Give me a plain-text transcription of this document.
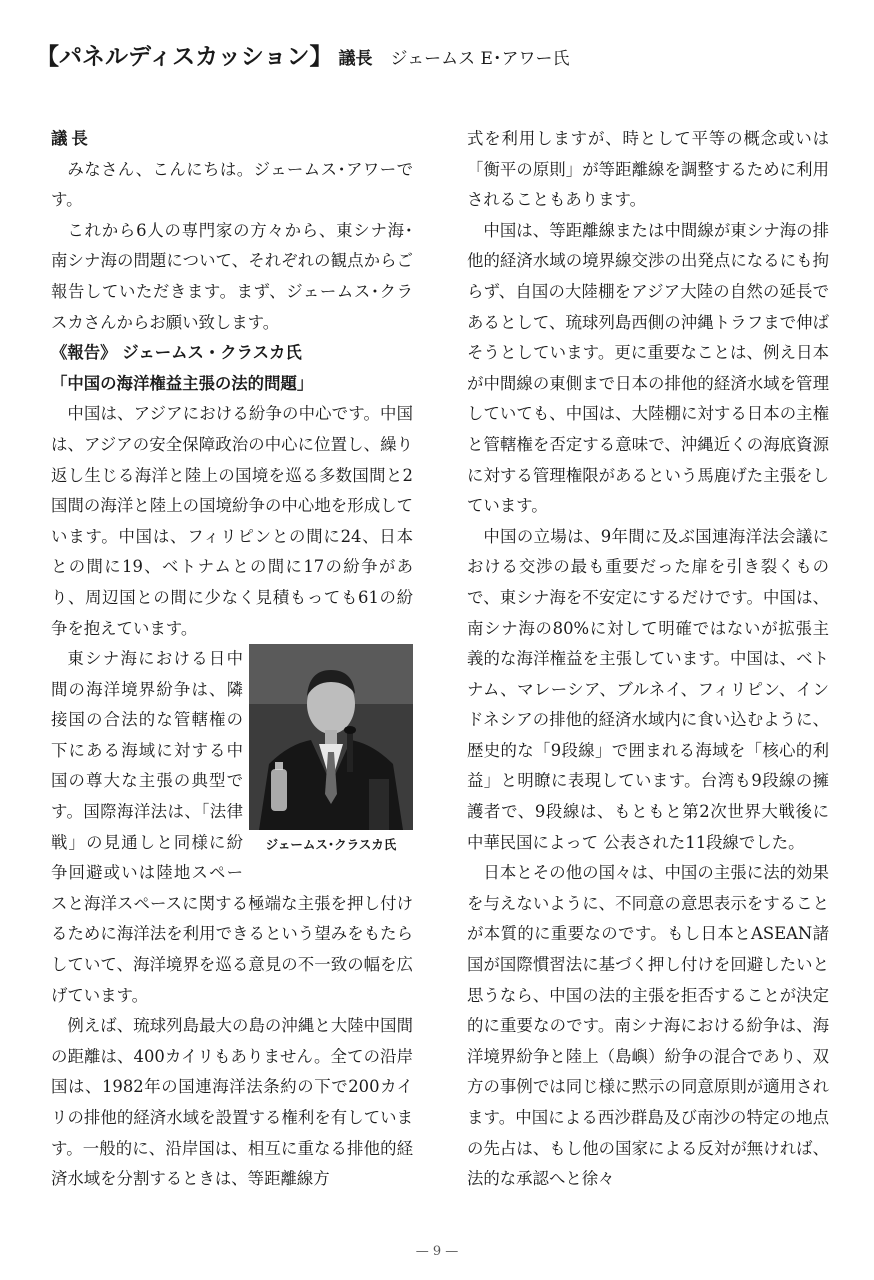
【パネルディスカッション】 議長 ジェームス E･アワー氏

議長

みなさん、こんにちは。ジェームス･アワーです。

これから6人の専門家の方々から、東シナ海･南シナ海の問題について、それぞれの観点からご報告していただきます。まず、ジェームス･クラスカさんからお願い致します。

《報告》 ジェームス・クラスカ氏

「中国の海洋権益主張の法的問題」

中国は、アジアにおける紛争の中心です。中国は、アジアの安全保障政治の中心に位置し、繰り返し生じる海洋と陸上の国境を巡る多数国間と2国間の海洋と陸上の国境紛争の中心地を形成しています。中国は、フィリピンとの間に24、日本との間に19、ベトナムとの間に17の紛争があり、周辺国との間に少なく見積もっても61の紛争を抱えています。

ジェームス･クラスカ氏

東シナ海における日中間の海洋境界紛争は、隣接国の合法的な管轄権の下にある海域に対する中国の尊大な主張の典型です。国際海洋法は、「法律戦」の見通しと同様に紛争回避或いは陸地スペースと海洋スペースに関する極端な主張を押し付けるために海洋法を利用できるという望みをもたらしていて、海洋境界を巡る意見の不一致の幅を広げています。

例えば、琉球列島最大の島の沖縄と大陸中国間の距離は、400カイリもありません。全ての沿岸国は、1982年の国連海洋法条約の下で200カイリの排他的経済水域を設置する権利を有しています。一般的に、沿岸国は、相互に重なる排他的経済水域を分割するときは、等距離線方

式を利用しますが、時として平等の概念或いは「衡平の原則」が等距離線を調整するために利用されることもあります。

中国は、等距離線または中間線が東シナ海の排他的経済水域の境界線交渉の出発点になるにも拘らず、自国の大陸棚をアジア大陸の自然の延長であるとして、琉球列島西側の沖縄トラフまで伸ばそうとしています。更に重要なことは、例え日本が中間線の東側まで日本の排他的経済水域を管理していても、中国は、大陸棚に対する日本の主権と管轄権を否定する意味で、沖縄近くの海底資源に対する管理権限があるという馬鹿げた主張をしています。

中国の立場は、9年間に及ぶ国連海洋法会議における交渉の最も重要だった扉を引き裂くもので、東シナ海を不安定にするだけです。中国は、南シナ海の80%に対して明確ではないが拡張主義的な海洋権益を主張しています。中国は、ベトナム、マレーシア、ブルネイ、フィリピン、インドネシアの排他的経済水域内に食い込むように、歴史的な「9段線」で囲まれる海域を「核心的利益」と明瞭に表現しています。台湾も9段線の擁護者で、9段線は、もともと第2次世界大戦後に中華民国によって 公表された11段線でした。

日本とその他の国々は、中国の主張に法的効果を与えないように、不同意の意思表示をすることが本質的に重要なのです。もし日本とASEAN諸国が国際慣習法に基づく押し付けを回避したいと思うなら、中国の法的主張を拒否することが決定的に重要なのです。南シナ海における紛争は、海洋境界紛争と陸上（島嶼）紛争の混合であり、双方の事例では同じ様に黙示の同意原則が適用されます。中国による西沙群島及び南沙の特定の地点の先占は、もし他の国家による反対が無ければ、法的な承認へと徐々

— 9 —
